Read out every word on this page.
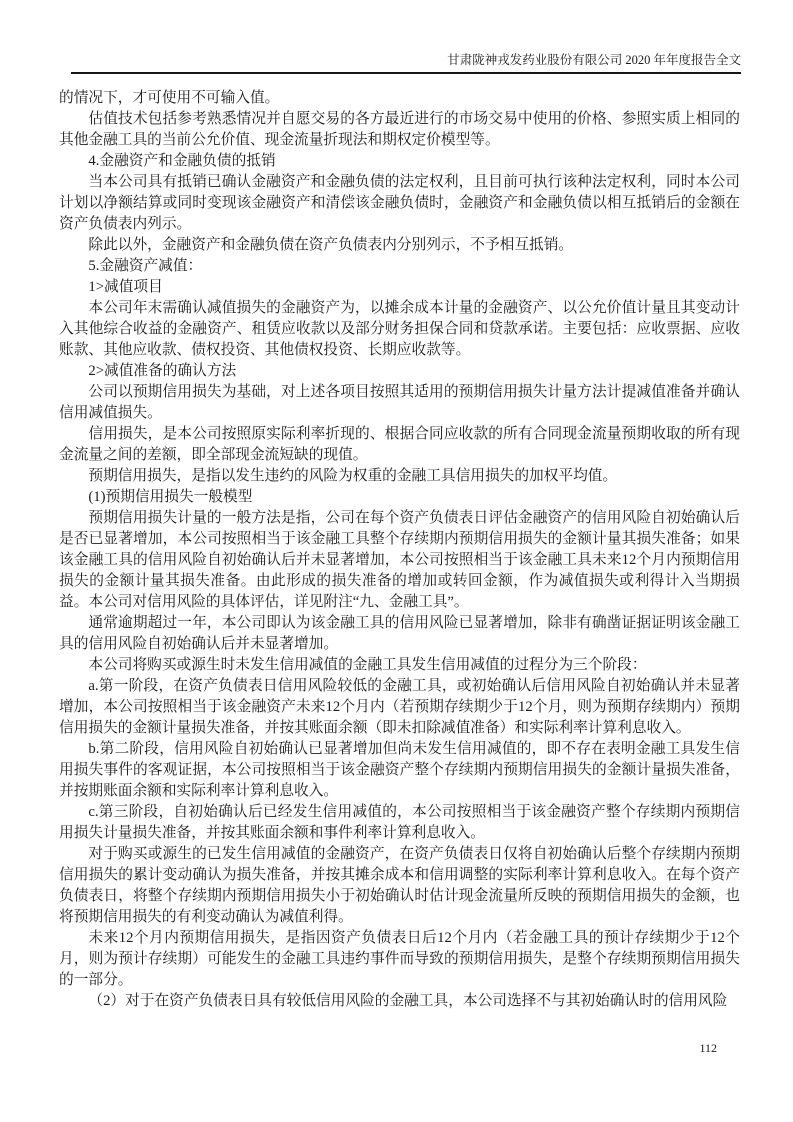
甘肃陇神戎发药业股份有限公司 2020 年年度报告全文

的情况下，才可使用不可输入值。

估值技术包括参考熟悉情况并自愿交易的各方最近进行的市场交易中使用的价格、参照实质上相同的其他金融工具的当前公允价值、现金流量折现法和期权定价模型等。

4.金融资产和金融负债的抵销

当本公司具有抵销已确认金融资产和金融负债的法定权利，且目前可执行该种法定权利，同时本公司计划以净额结算或同时变现该金融资产和清偿该金融负债时，金融资产和金融负债以相互抵销后的金额在资产负债表内列示。

除此以外，金融资产和金融负债在资产负债表内分别列示，不予相互抵销。

5.金融资产减值：

1>减值项目

本公司年末需确认减值损失的金融资产为，以摊余成本计量的金融资产、以公允价值计量且其变动计入其他综合收益的金融资产、租赁应收款以及部分财务担保合同和贷款承诺。主要包括：应收票据、应收账款、其他应收款、债权投资、其他债权投资、长期应收款等。

2>减值准备的确认方法

公司以预期信用损失为基础，对上述各项目按照其适用的预期信用损失计量方法计提减值准备并确认信用减值损失。

信用损失，是本公司按照原实际利率折现的、根据合同应收款的所有合同现金流量预期收取的所有现金流量之间的差额，即全部现金流短缺的现值。

预期信用损失，是指以发生违约的风险为权重的金融工具信用损失的加权平均值。

(1)预期信用损失一般模型

预期信用损失计量的一般方法是指，公司在每个资产负债表日评估金融资产的信用风险自初始确认后是否已显著增加，本公司按照相当于该金融工具整个存续期内预期信用损失的金额计量其损失准备；如果该金融工具的信用风险自初始确认后并未显著增加，本公司按照相当于该金融工具未来12个月内预期信用损失的金额计量其损失准备。由此形成的损失准备的增加或转回金额，作为减值损失或利得计入当期损益。本公司对信用风险的具体评估，详见附注“九、金融工具”。

通常逾期超过一年，本公司即认为该金融工具的信用风险已显著增加，除非有确凿证据证明该金融工具的信用风险自初始确认后并未显著增加。

本公司将购买或源生时未发生信用减值的金融工具发生信用减值的过程分为三个阶段：

a.第一阶段，在资产负债表日信用风险较低的金融工具，或初始确认后信用风险自初始确认并未显著增加，本公司按照相当于该金融资产未来12个月内（若预期存续期少于12个月，则为预期存续期内）预期信用损失的金额计量损失准备，并按其账面余额（即未扣除减值准备）和实际利率计算利息收入。

b.第二阶段，信用风险自初始确认已显著增加但尚未发生信用减值的，即不存在表明金融工具发生信用损失事件的客观证据，本公司按照相当于该金融资产整个存续期内预期信用损失的金额计量损失准备，并按期账面余额和实际利率计算利息收入。

c.第三阶段，自初始确认后已经发生信用减值的，本公司按照相当于该金融资产整个存续期内预期信用损失计量损失准备，并按其账面余额和事件利率计算利息收入。

对于购买或源生的已发生信用减值的金融资产，在资产负债表日仅将自初始确认后整个存续期内预期信用损失的累计变动确认为损失准备，并按其摊余成本和信用调整的实际利率计算利息收入。在每个资产负债表日，将整个存续期内预期信用损失小于初始确认时估计现金流量所反映的预期信用损失的金额，也将预期信用损失的有利变动确认为减值利得。

未来12个月内预期信用损失，是指因资产负债表日后12个月内（若金融工具的预计存续期少于12个月，则为预计存续期）可能发生的金融工具违约事件而导致的预期信用损失，是整个存续期预期信用损失的一部分。

（2）对于在资产负债表日具有较低信用风险的金融工具，本公司选择不与其初始确认时的信用风险

112
